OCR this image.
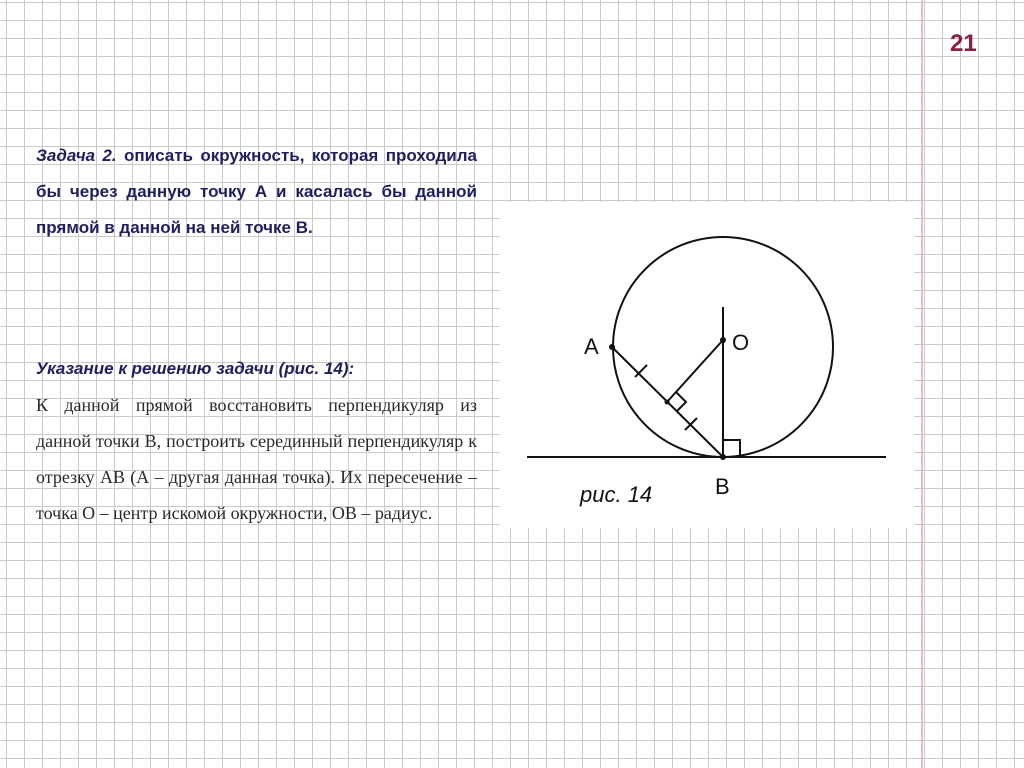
21
Задача 2. описать окружность, которая проходила бы через данную точку А и касалась бы данной прямой в данной на ней точке В.
Указание к решению задачи (рис. 14):
К данной прямой восстановить перпендикуляр из данной точки В, построить серединный перпендикуляр к отрезку АВ (А – другая данная точка). Их пересечение – точка О – центр искомой окружности, ОВ – радиус.
A	O
B
рис. 14
